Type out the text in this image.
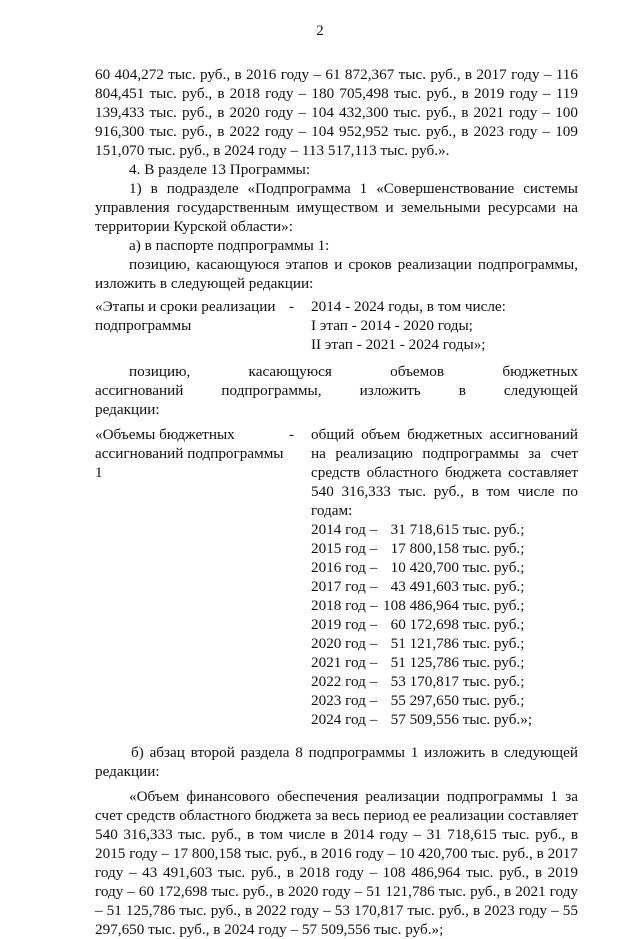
2

60 404,272 тыс. руб., в 2016 году – 61 872,367 тыс. руб., в 2017 году – 116 804,451 тыс. руб., в 2018 году – 180 705,498 тыс. руб., в 2019 году – 119 139,433 тыс. руб., в 2020 году – 104 432,300 тыс. руб., в 2021 году – 100 916,300 тыс. руб., в 2022 году – 104 952,952 тыс. руб., в 2023 году – 109 151,070 тыс. руб., в 2024 году – 113 517,113 тыс. руб.».

4. В разделе 13 Программы:

1) в подразделе «Подпрограмма 1 «Совершенствование системы управления государственным имуществом и земельными ресурсами на территории Курской области»:

а) в паспорте подпрограммы 1:

позицию, касающуюся этапов и сроков реализации подпрограммы, изложить в следующей редакции:

«Этапы и сроки реализации подпрограммы
-	2014 - 2024 годы, в том числе:

I этап - 2014 - 2020 годы;

II этап - 2021 - 2024 годы»;

позицию, касающуюся объемов бюджетных ассигнований подпрограммы, изложить в следующей редакции:

«Объемы бюджетных ассигнований подпрограммы 1
-	общий объем бюджетных ассигнований на реализацию подпрограммы за счет средств областного бюджета составляет 540 316,333 тыс. руб., в том числе по годам:

2014 год – 31 718,615 тыс. руб.;
2015 год – 17 800,158 тыс. руб.;
2016 год – 10 420,700 тыс. руб.;
2017 год – 43 491,603 тыс. руб.;
2018 год – 108 486,964 тыс. руб.;
2019 год – 60 172,698 тыс. руб.;
2020 год – 51 121,786 тыс. руб.;
2021 год – 51 125,786 тыс. руб.;
2022 год – 53 170,817 тыс. руб.;
2023 год – 55 297,650 тыс. руб.;
2024 год – 57 509,556 тыс. руб.»;

б) абзац второй раздела 8 подпрограммы 1 изложить в следующей редакции:

«Объем финансового обеспечения реализации подпрограммы 1 за счет средств областного бюджета за весь период ее реализации составляет 540 316,333 тыс. руб., в том числе в 2014 году – 31 718,615 тыс. руб., в 2015 году – 17 800,158 тыс. руб., в 2016 году – 10 420,700 тыс. руб., в 2017 году – 43 491,603 тыс. руб., в 2018 году – 108 486,964 тыс. руб., в 2019 году – 60 172,698 тыс. руб., в 2020 году – 51 121,786 тыс. руб., в 2021 году – 51 125,786 тыс. руб., в 2022 году – 53 170,817 тыс. руб., в 2023 году – 55 297,650 тыс. руб., в 2024 году – 57 509,556 тыс. руб.»;
